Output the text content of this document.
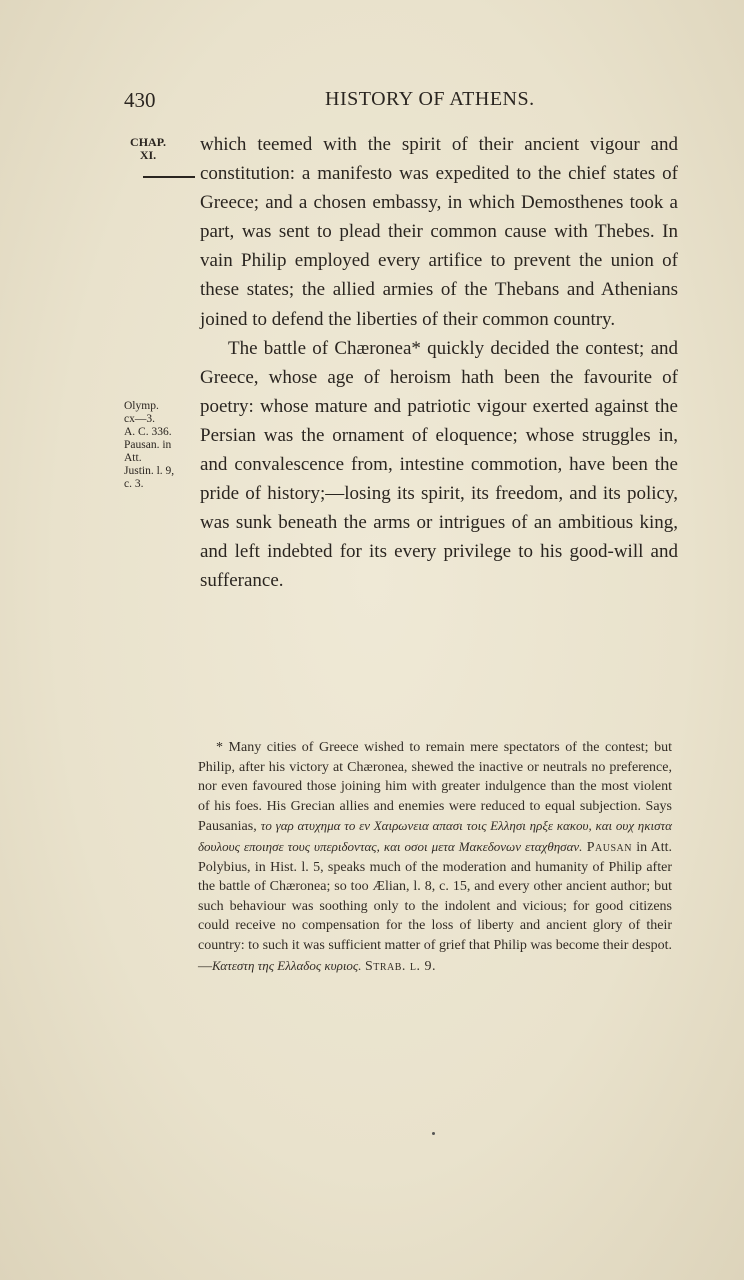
430	HISTORY OF ATHENS.
CHAP.
XI.
Olymp.
cx—3.
A. C. 336.
Pausan. in
Att.
Justin. l. 9,
c. 3.

which teemed with the spirit of their ancient vigour and constitution: a manifesto was expedited to the chief states of Greece; and a chosen embassy, in which Demosthenes took a part, was sent to plead their common cause with Thebes. In vain Philip employed every artifice to prevent the union of these states; the allied armies of the Thebans and Athenians joined to defend the liberties of their common country.

The battle of Chæronea* quickly decided the contest; and Greece, whose age of heroism hath been the favourite of poetry: whose mature and patriotic vigour exerted against the Persian was the ornament of eloquence; whose struggles in, and convalescence from, intestine commotion, have been the pride of history;—losing its spirit, its freedom, and its policy, was sunk beneath the arms or intrigues of an ambitious king, and left indebted for its every privilege to his good-will and sufferance.

* Many cities of Greece wished to remain mere spectators of the contest; but Philip, after his victory at Chæronea, shewed the inactive or neutrals no preference, nor even favoured those joining him with greater indulgence than the most violent of his foes. His Grecian allies and enemies were reduced to equal subjection. Says Pausanias, το γαρ ατυχημα το εν Χαιρωνεια απασι τοις Ελλησι ηρξε κακου, και ουχ ηκιστα δουλους εποιησε τους υπεριδοντας, και οσοι μετα Μακεδονων εταχθησαν. Pausan in Att. Polybius, in Hist. l. 5, speaks much of the moderation and humanity of Philip after the battle of Chæronea; so too Ælian, l. 8, c. 15, and every other ancient author; but such behaviour was soothing only to the indolent and vicious; for good citizens could receive no compensation for the loss of liberty and ancient glory of their country: to such it was sufficient matter of grief that Philip was become their despot.—Κατεστη της Ελλαδος κυριος. Strab. l. 9.
